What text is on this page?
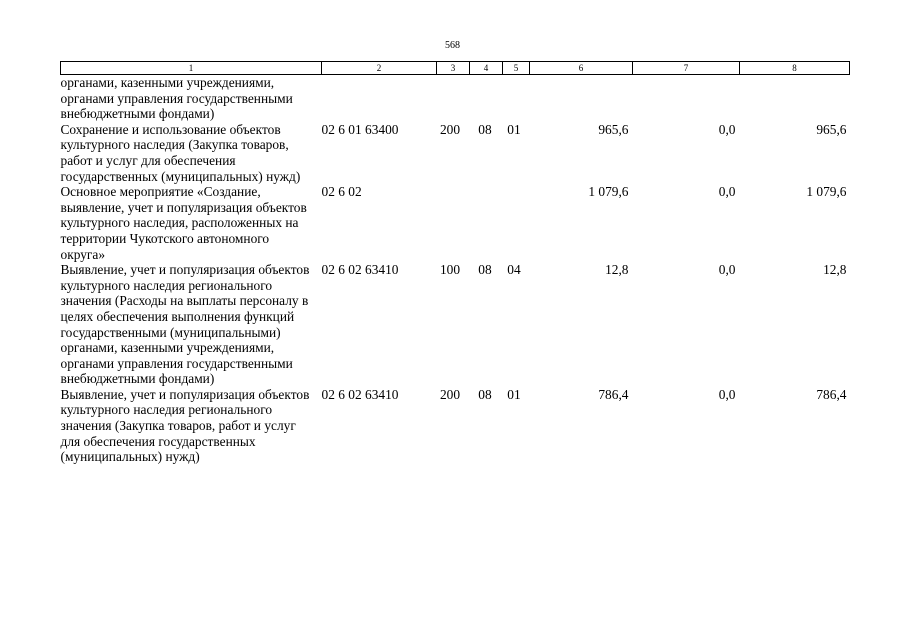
568
1	2	3	4	5	6	7	8
органами, казенными учреждениями, органами управления государственными внебюджетными фондами)							
Сохранение и использование объектов культурного наследия (Закупка товаров, работ и услуг для обеспечения государственных (муниципальных) нужд)	02 6 01 63400	200	08	01	965,6	0,0	965,6
Основное мероприятие «Создание, выявление, учет и популяризация объектов культурного наследия, расположенных на территории Чукотского автономного округа»	02 6 02				1 079,6	0,0	1 079,6
Выявление, учет и популяризация объектов культурного наследия регионального значения (Расходы на выплаты персоналу в целях обеспечения выполнения функций государственными (муниципальными) органами, казенными учреждениями, органами управления государственными внебюджетными фондами)	02 6 02 63410	100	08	04	12,8	0,0	12,8
Выявление, учет и популяризация объектов культурного наследия регионального значения (Закупка товаров, работ и услуг для обеспечения государственных (муниципальных) нужд)	02 6 02 63410	200	08	01	786,4	0,0	786,4
